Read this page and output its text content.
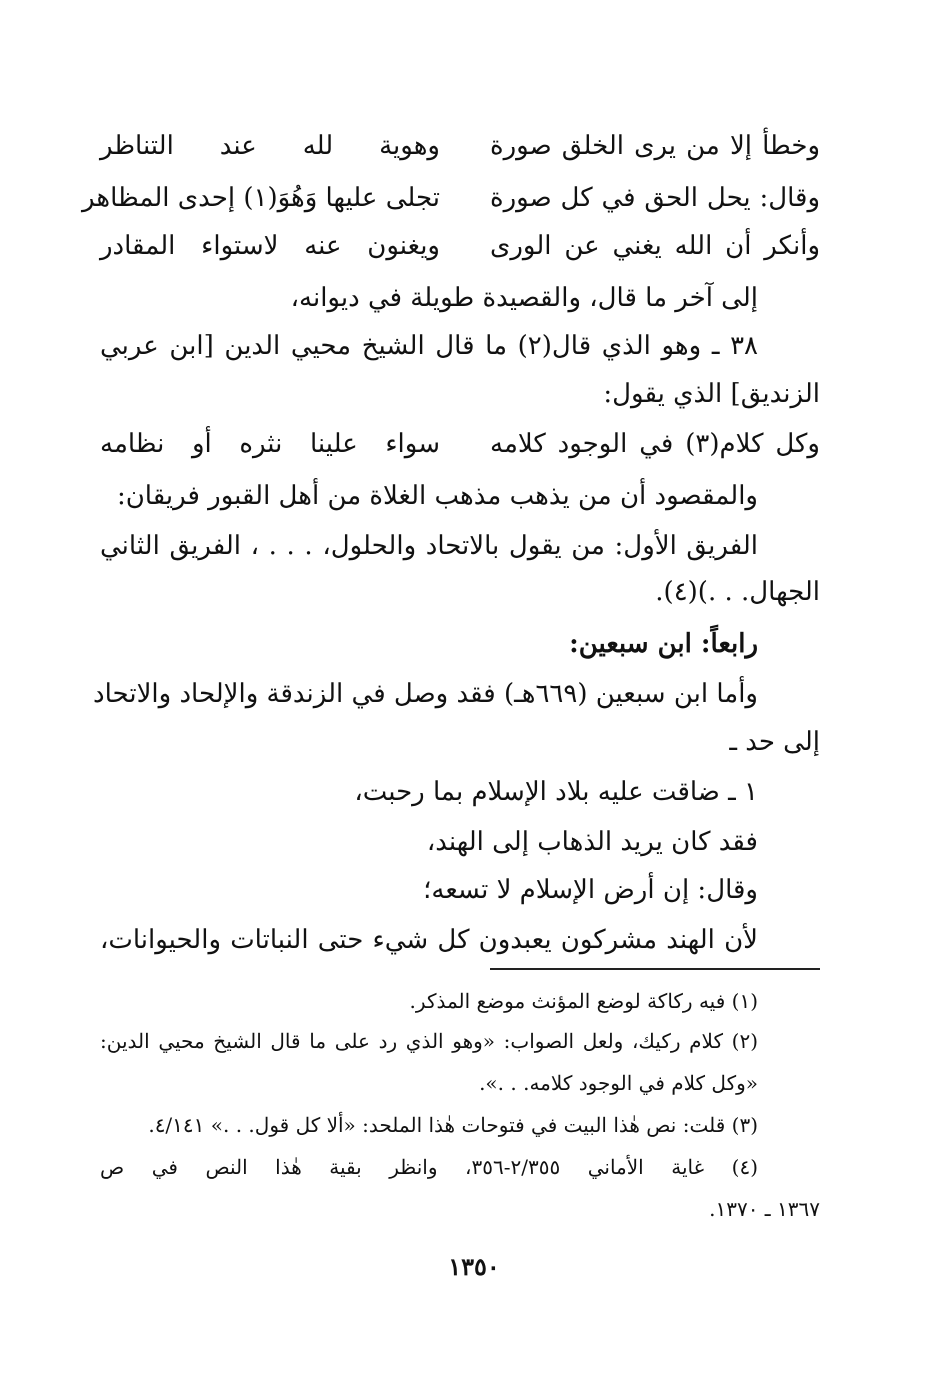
وخطأ إلا من يرى الخلق صورة
وهوية لله عند التناظر
وقال: يحل الحق في كل صورة
تجلى عليها وَهُوَ(١) إحدى المظاهر
وأنكر أن الله يغني عن الورى
ويغنون عنه لاستواء المقادر
إلى آخر ما قال، والقصيدة طويلة في ديوانه،
٣٨ ـ وهو الذي قال(٢) ما قال الشيخ محيي الدين [ابن عربي
الزنديق] الذي يقول:
وكل كلام(٣) في الوجود كلامه
سواء علينا نثره أو نظامه
والمقصود أن من يذهب مذهب الغلاة من أهل القبور فريقان:
الفريق الأول: من يقول بالاتحاد والحلول، . . . ، الفريق الثاني
الجهال. . .)(٤).
رابعاً: ابن سبعين:
وأما ابن سبعين (٦٦٩هـ) فقد وصل في الزندقة والإلحاد والاتحاد
إلى حد ـ
١ ـ ضاقت عليه بلاد الإسلام بما رحبت،
فقد كان يريد الذهاب إلى الهند،
وقال: إن أرض الإسلام لا تسعه؛
لأن الهند مشركون يعبدون كل شيء حتى النباتات والحيوانات،
(١) فيه ركاكة لوضع المؤنث موضع المذكر.
(٢) كلام ركيك، ولعل الصواب: «وهو الذي رد على ما قال الشيخ محيي الدين:
«وكل كلام في الوجود كلامه. . .».
(٣) قلت: نص هٰذا البيت في فتوحات هٰذا الملحد: «ألا كل قول. . .» ٤/١٤١.
(٤) غاية الأماني ٢/٣٥٥-٣٥٦، وانظر بقية هٰذا النص في ص
١٣٦٧ ـ ١٣٧٠.
١٣٥٠
